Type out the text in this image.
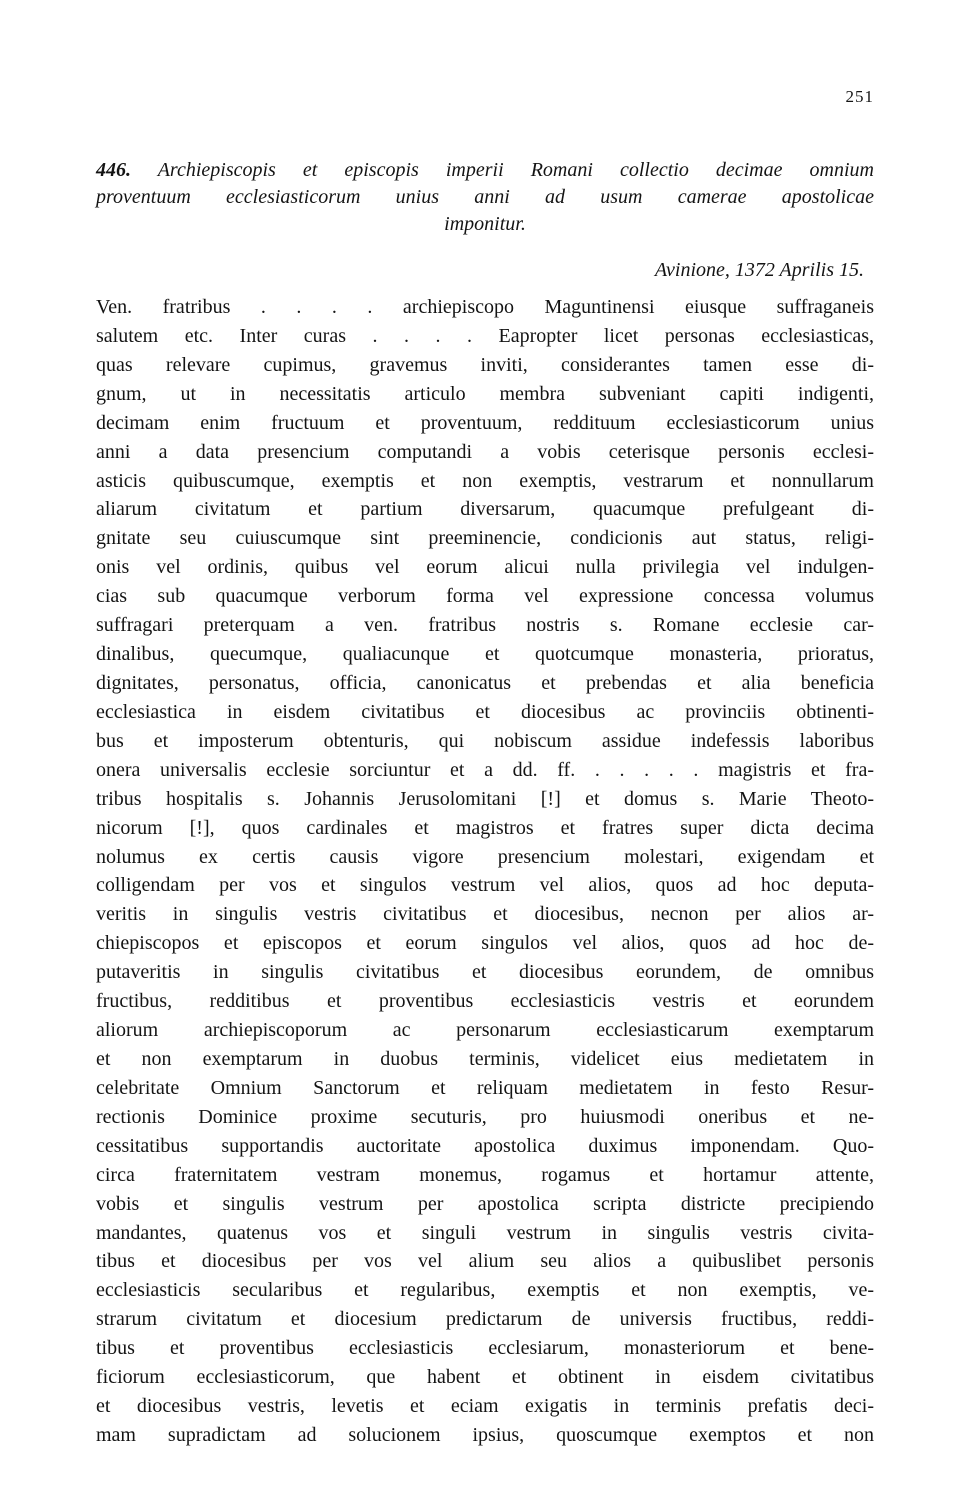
251

446. Archiepiscopis et episcopis imperii Romani collectio decimae omnium

proventuum ecclesiasticorum unius anni ad usum camerae apostolicae

imponitur.

Avinione, 1372 Aprilis 15.
Ven. fratribus . . . . archiepiscopo Maguntinensi eiusque suffraganeis
salutem etc. Inter curas . . . . Eapropter licet personas ecclesiasticas,
quas relevare cupimus, gravemus inviti, considerantes tamen esse di-
gnum, ut in necessitatis articulo membra subveniant capiti indigenti,
decimam enim fructuum et proventuum, reddituum ecclesiasticorum unius
anni a data presencium computandi a vobis ceterisque personis ecclesi-
asticis quibuscumque, exemptis et non exemptis, vestrarum et nonnullarum
aliarum civitatum et partium diversarum, quacumque prefulgeant di-
gnitate seu cuiuscumque sint preeminencie, condicionis aut status, religi-
onis vel ordinis, quibus vel eorum alicui nulla privilegia vel indulgen-
cias sub quacumque verborum forma vel expressione concessa volumus
suffragari preterquam a ven. fratribus nostris s. Romane ecclesie car-
dinalibus, quecumque, qualiacunque et quotcumque monasteria, prioratus,
dignitates, personatus, officia, canonicatus et prebendas et alia beneficia
ecclesiastica in eisdem civitatibus et diocesibus ac provinciis obtinenti-
bus et imposterum obtenturis, qui nobiscum assidue indefessis laboribus
onera universalis ecclesie sorciuntur et a dd. ff. . . . . . magistris et fra-
tribus hospitalis s. Johannis Jerusolomitani [!] et domus s. Marie Theoto-
nicorum [!], quos cardinales et magistros et fratres super dicta decima
nolumus ex certis causis vigore presencium molestari, exigendam et
colligendam per vos et singulos vestrum vel alios, quos ad hoc deputa-
veritis in singulis vestris civitatibus et diocesibus, necnon per alios ar-
chiepiscopos et episcopos et eorum singulos vel alios, quos ad hoc de-
putaveritis in singulis civitatibus et diocesibus eorundem, de omnibus
fructibus, redditibus et proventibus ecclesiasticis vestris et eorundem
aliorum archiepiscoporum ac personarum ecclesiasticarum exemptarum
et non exemptarum in duobus terminis, videlicet eius medietatem in
celebritate Omnium Sanctorum et reliquam medietatem in festo Resur-
rectionis Dominice proxime secuturis, pro huiusmodi oneribus et ne-
cessitatibus supportandis auctoritate apostolica duximus imponendam. Quo-
circa fraternitatem vestram monemus, rogamus et hortamur attente,
vobis et singulis vestrum per apostolica scripta districte precipiendo
mandantes, quatenus vos et singuli vestrum in singulis vestris civita-
tibus et diocesibus per vos vel alium seu alios a quibuslibet personis
ecclesiasticis secularibus et regularibus, exemptis et non exemptis, ve-
strarum civitatum et diocesium predictarum de universis fructibus, reddi-
tibus et proventibus ecclesiasticis ecclesiarum, monasteriorum et bene-
ficiorum ecclesiasticorum, que habent et obtinent in eisdem civitatibus
et diocesibus vestris, levetis et eciam exigatis in terminis prefatis deci-
mam supradictam ad solucionem ipsius, quoscumque exemptos et non
